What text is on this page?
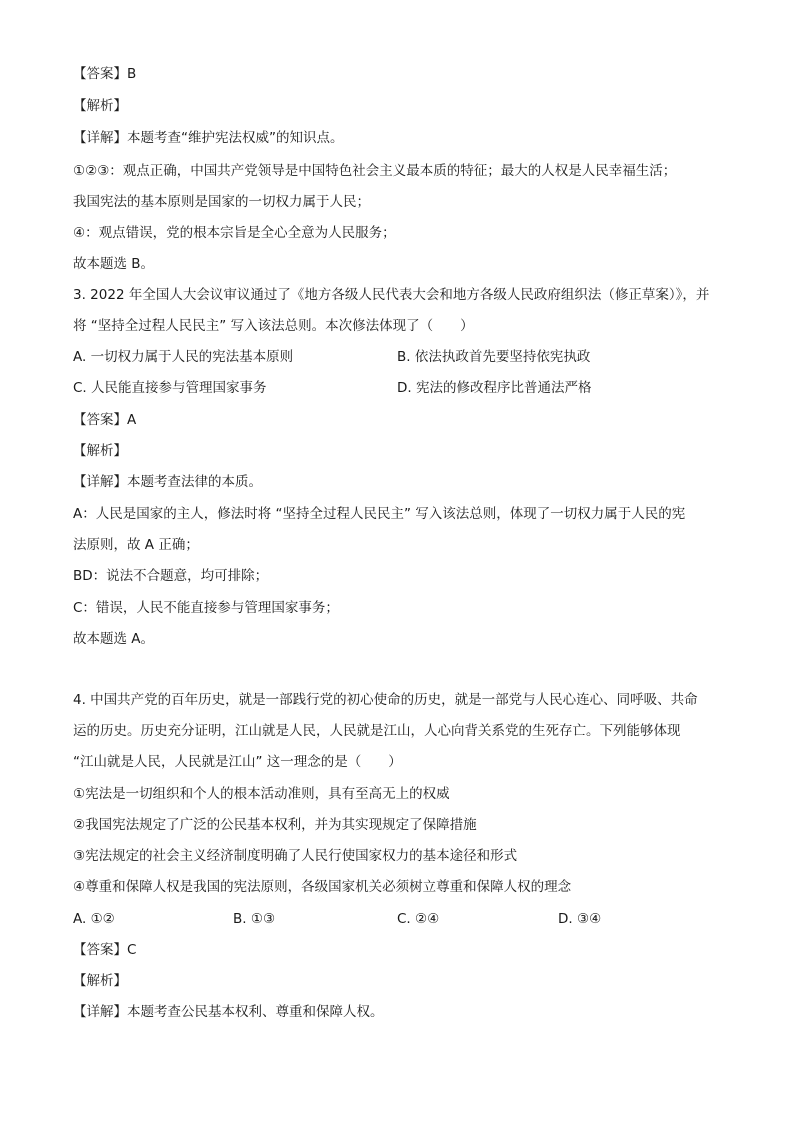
【答案】B
【解析】
【详解】本题考查“维护宪法权威”的知识点。
①②③：观点正确，中国共产党领导是中国特色社会主义最本质的特征；最大的人权是人民幸福生活；
我国宪法的基本原则是国家的一切权力属于人民；
④：观点错误，党的根本宗旨是全心全意为人民服务；
故本题选 B。
3. 2022 年全国人大会议审议通过了《地方各级人民代表大会和地方各级人民政府组织法（修正草案）》，并
将 “坚持全过程人民民主” 写入该法总则。本次修法体现了（　　）
A. 一切权力属于人民的宪法基本原则	B. 依法执政首先要坚持依宪执政
C. 人民能直接参与管理国家事务	D. 宪法的修改程序比普通法严格
【答案】A
【解析】
【详解】本题考查法律的本质。
A：人民是国家的主人，修法时将 “坚持全过程人民民主” 写入该法总则，体现了一切权力属于人民的宪
法原则，故 A 正确；
BD：说法不合题意，均可排除；
C：错误，人民不能直接参与管理国家事务；
故本题选 A。
4. 中国共产党的百年历史，就是一部践行党的初心使命的历史，就是一部党与人民心连心、同呼吸、共命
运的历史。历史充分证明，江山就是人民，人民就是江山，人心向背关系党的生死存亡。下列能够体现
“江山就是人民，人民就是江山” 这一理念的是（　　）
①宪法是一切组织和个人的根本活动准则，具有至高无上的权威
②我国宪法规定了广泛的公民基本权利，并为其实现规定了保障措施
③宪法规定的社会主义经济制度明确了人民行使国家权力的基本途径和形式
④尊重和保障人权是我国的宪法原则，各级国家机关必须树立尊重和保障人权的理念
A. ①②	B. ①③	C. ②④	D. ③④
【答案】C
【解析】
【详解】本题考查公民基本权利、尊重和保障人权。
